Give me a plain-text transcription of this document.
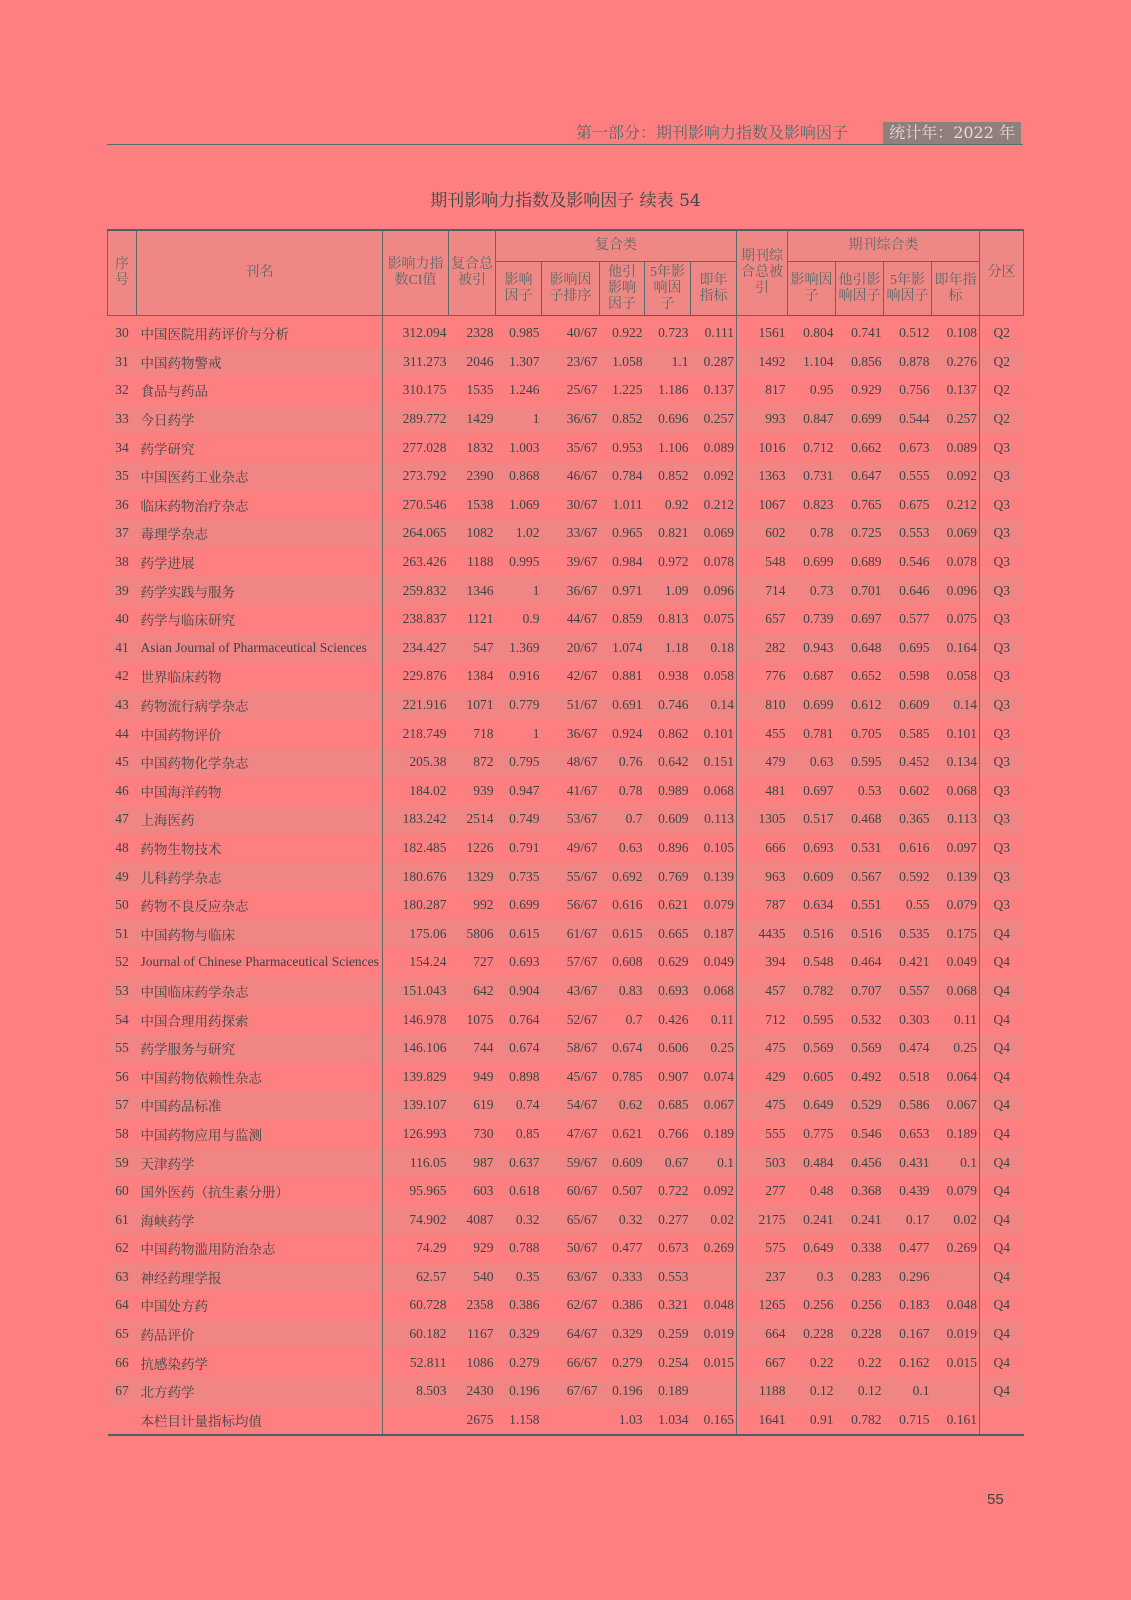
第一部分：期刊影响力指数及影响因子	统计年：2022 年
期刊影响力指数及影响因子 续表 54
序号	刊名	影响力指数CI值	复合总被引	复合类					期刊综合总被引	期刊综合类				分区
				影响因子	影响因子排序	他引影响因子	5年影响因子	即年指标		影响因子	他引影响因子	5年影响因子	即年指标	
30	中国医院用药评价与分析	312.094	2328	0.985	40/67	0.922	0.723	0.111	1561	0.804	0.741	0.512	0.108	Q2
31	中国药物警戒	311.273	2046	1.307	23/67	1.058	1.1	0.287	1492	1.104	0.856	0.878	0.276	Q2
32	食品与药品	310.175	1535	1.246	25/67	1.225	1.186	0.137	817	0.95	0.929	0.756	0.137	Q2
33	今日药学	289.772	1429	1	36/67	0.852	0.696	0.257	993	0.847	0.699	0.544	0.257	Q2
34	药学研究	277.028	1832	1.003	35/67	0.953	1.106	0.089	1016	0.712	0.662	0.673	0.089	Q3
35	中国医药工业杂志	273.792	2390	0.868	46/67	0.784	0.852	0.092	1363	0.731	0.647	0.555	0.092	Q3
36	临床药物治疗杂志	270.546	1538	1.069	30/67	1.011	0.92	0.212	1067	0.823	0.765	0.675	0.212	Q3
37	毒理学杂志	264.065	1082	1.02	33/67	0.965	0.821	0.069	602	0.78	0.725	0.553	0.069	Q3
38	药学进展	263.426	1188	0.995	39/67	0.984	0.972	0.078	548	0.699	0.689	0.546	0.078	Q3
39	药学实践与服务	259.832	1346	1	36/67	0.971	1.09	0.096	714	0.73	0.701	0.646	0.096	Q3
40	药学与临床研究	238.837	1121	0.9	44/67	0.859	0.813	0.075	657	0.739	0.697	0.577	0.075	Q3
41	Asian Journal of Pharmaceutical Sciences	234.427	547	1.369	20/67	1.074	1.18	0.18	282	0.943	0.648	0.695	0.164	Q3
42	世界临床药物	229.876	1384	0.916	42/67	0.881	0.938	0.058	776	0.687	0.652	0.598	0.058	Q3
43	药物流行病学杂志	221.916	1071	0.779	51/67	0.691	0.746	0.14	810	0.699	0.612	0.609	0.14	Q3
44	中国药物评价	218.749	718	1	36/67	0.924	0.862	0.101	455	0.781	0.705	0.585	0.101	Q3
45	中国药物化学杂志	205.38	872	0.795	48/67	0.76	0.642	0.151	479	0.63	0.595	0.452	0.134	Q3
46	中国海洋药物	184.02	939	0.947	41/67	0.78	0.989	0.068	481	0.697	0.53	0.602	0.068	Q3
47	上海医药	183.242	2514	0.749	53/67	0.7	0.609	0.113	1305	0.517	0.468	0.365	0.113	Q3
48	药物生物技术	182.485	1226	0.791	49/67	0.63	0.896	0.105	666	0.693	0.531	0.616	0.097	Q3
49	儿科药学杂志	180.676	1329	0.735	55/67	0.692	0.769	0.139	963	0.609	0.567	0.592	0.139	Q3
50	药物不良反应杂志	180.287	992	0.699	56/67	0.616	0.621	0.079	787	0.634	0.551	0.55	0.079	Q3
51	中国药物与临床	175.06	5806	0.615	61/67	0.615	0.665	0.187	4435	0.516	0.516	0.535	0.175	Q4
52	Journal of Chinese Pharmaceutical Sciences	154.24	727	0.693	57/67	0.608	0.629	0.049	394	0.548	0.464	0.421	0.049	Q4
53	中国临床药学杂志	151.043	642	0.904	43/67	0.83	0.693	0.068	457	0.782	0.707	0.557	0.068	Q4
54	中国合理用药探索	146.978	1075	0.764	52/67	0.7	0.426	0.11	712	0.595	0.532	0.303	0.11	Q4
55	药学服务与研究	146.106	744	0.674	58/67	0.674	0.606	0.25	475	0.569	0.569	0.474	0.25	Q4
56	中国药物依赖性杂志	139.829	949	0.898	45/67	0.785	0.907	0.074	429	0.605	0.492	0.518	0.064	Q4
57	中国药品标准	139.107	619	0.74	54/67	0.62	0.685	0.067	475	0.649	0.529	0.586	0.067	Q4
58	中国药物应用与监测	126.993	730	0.85	47/67	0.621	0.766	0.189	555	0.775	0.546	0.653	0.189	Q4
59	天津药学	116.05	987	0.637	59/67	0.609	0.67	0.1	503	0.484	0.456	0.431	0.1	Q4
60	国外医药（抗生素分册）	95.965	603	0.618	60/67	0.507	0.722	0.092	277	0.48	0.368	0.439	0.079	Q4
61	海峡药学	74.902	4087	0.32	65/67	0.32	0.277	0.02	2175	0.241	0.241	0.17	0.02	Q4
62	中国药物滥用防治杂志	74.29	929	0.788	50/67	0.477	0.673	0.269	575	0.649	0.338	0.477	0.269	Q4
63	神经药理学报	62.57	540	0.35	63/67	0.333	0.553		237	0.3	0.283	0.296		Q4
64	中国处方药	60.728	2358	0.386	62/67	0.386	0.321	0.048	1265	0.256	0.256	0.183	0.048	Q4
65	药品评价	60.182	1167	0.329	64/67	0.329	0.259	0.019	664	0.228	0.228	0.167	0.019	Q4
66	抗感染药学	52.811	1086	0.279	66/67	0.279	0.254	0.015	667	0.22	0.22	0.162	0.015	Q4
67	北方药学	8.503	2430	0.196	67/67	0.196	0.189		1188	0.12	0.12	0.1		Q4
	本栏目计量指标均值		2675	1.158		1.03	1.034	0.165	1641	0.91	0.782	0.715	0.161	
55
